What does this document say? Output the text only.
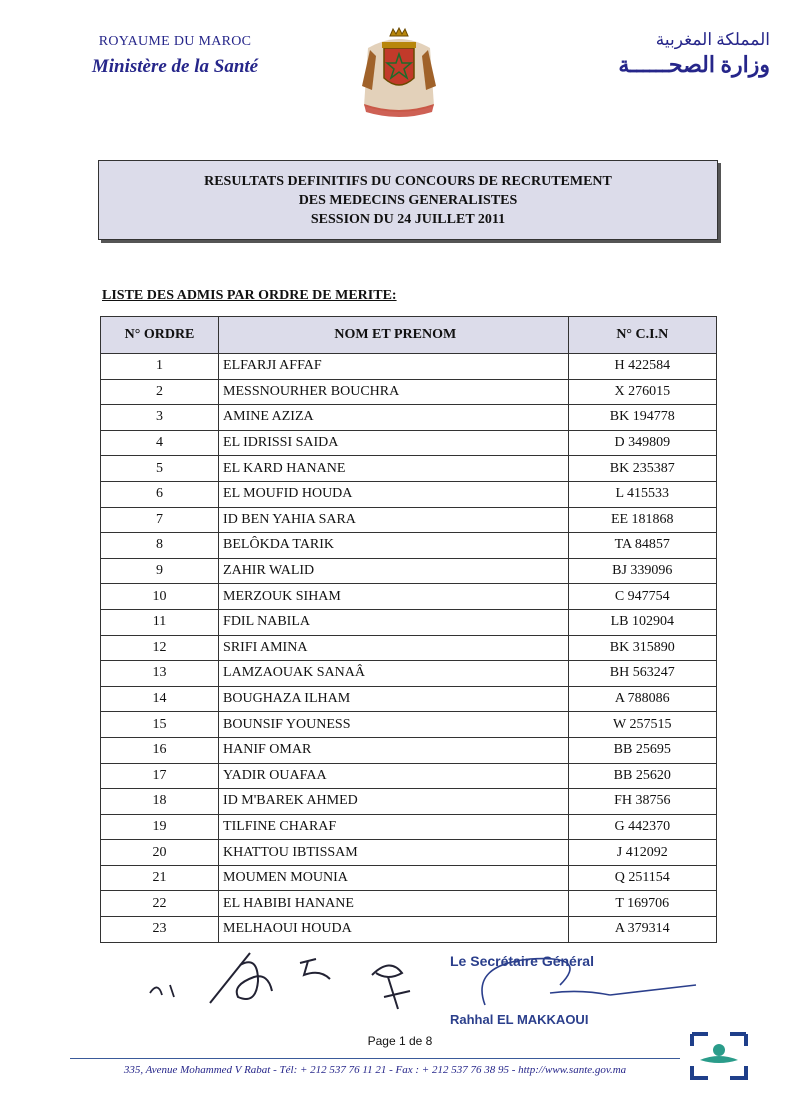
ROYAUME DU MAROC
Ministère de la Santé
المملكة المغربية
وزارة الصحــــــة
RESULTATS DEFINITIFS DU CONCOURS DE RECRUTEMENT
DES MEDECINS GENERALISTES
SESSION DU 24 JUILLET 2011
LISTE DES ADMIS PAR ORDRE DE MERITE:
N° ORDRE	NOM ET PRENOM	N° C.I.N
1	ELFARJI AFFAF	H 422584
2	MESSNOURHER BOUCHRA	X 276015
3	AMINE AZIZA	BK 194778
4	EL IDRISSI SAIDA	D 349809
5	EL KARD HANANE	BK 235387
6	EL MOUFID HOUDA	L 415533
7	ID BEN YAHIA SARA	EE 181868
8	BELÔKDA TARIK	TA 84857
9	ZAHIR WALID	BJ 339096
10	MERZOUK SIHAM	C 947754
11	FDIL NABILA	LB 102904
12	SRIFI AMINA	BK 315890
13	LAMZAOUAK SANAÂ	BH 563247
14	BOUGHAZA ILHAM	A 788086
15	BOUNSIF YOUNESS	W 257515
16	HANIF OMAR	BB 25695
17	YADIR OUAFAA	BB 25620
18	ID M'BAREK AHMED	FH 38756
19	TILFINE CHARAF	G 442370
20	KHATTOU IBTISSAM	J 412092
21	MOUMEN MOUNIA	Q 251154
22	EL HABIBI HANANE	T 169706
23	MELHAOUI HOUDA	A 379314
Le Secrétaire Général
Rahhal EL MAKKAOUI
Page 1 de 8
335, Avenue Mohammed V Rabat - Tél: + 212 537 76 11 21 - Fax : + 212 537 76 38 95 - http://www.sante.gov.ma
